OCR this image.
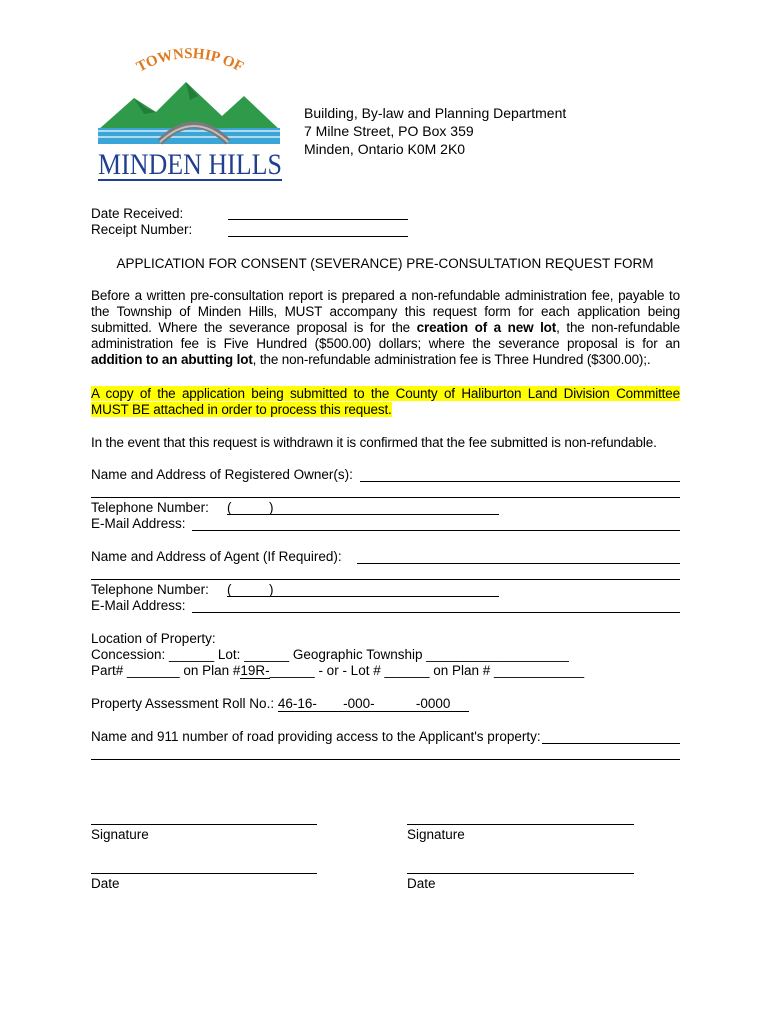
TOWNSHIP OF
MINDEN HILLS
Building, By-law and Planning Department
7 Milne Street, PO Box 359
Minden, Ontario K0M 2K0
Date Received:
Receipt Number:
APPLICATION FOR CONSENT (SEVERANCE) PRE-CONSULTATION REQUEST FORM
Before a written pre-consultation report is prepared a non-refundable administration fee, payable to the Township of Minden Hills, MUST accompany this request form for each application being submitted. Where the severance proposal is for the creation of a new lot, the non-refundable administration fee is Five Hundred ($500.00) dollars; where the severance proposal is for an addition to an abutting lot, the non-refundable administration fee is Three Hundred ($300.00);.
A copy of the application being submitted to the County of Haliburton Land Division Committee MUST BE attached in order to process this request.
In the event that this request is withdrawn it is confirmed that the fee submitted is non-refundable.
Name and Address of Registered Owner(s):
Telephone Number: (          )
E-Mail Address:
Name and Address of Agent (If Required):
Telephone Number: (          )
E-Mail Address:
Location of Property:
Concession: ______ Lot: ______ Geographic Township ___________________
Part# _______ on Plan #19R-______ - or - Lot # ______ on Plan # ____________
Property Assessment Roll No.: 46-16-       -000-           -0000
Name and 911 number of road providing access to the Applicant's property:
Signature	Signature
Date	Date
